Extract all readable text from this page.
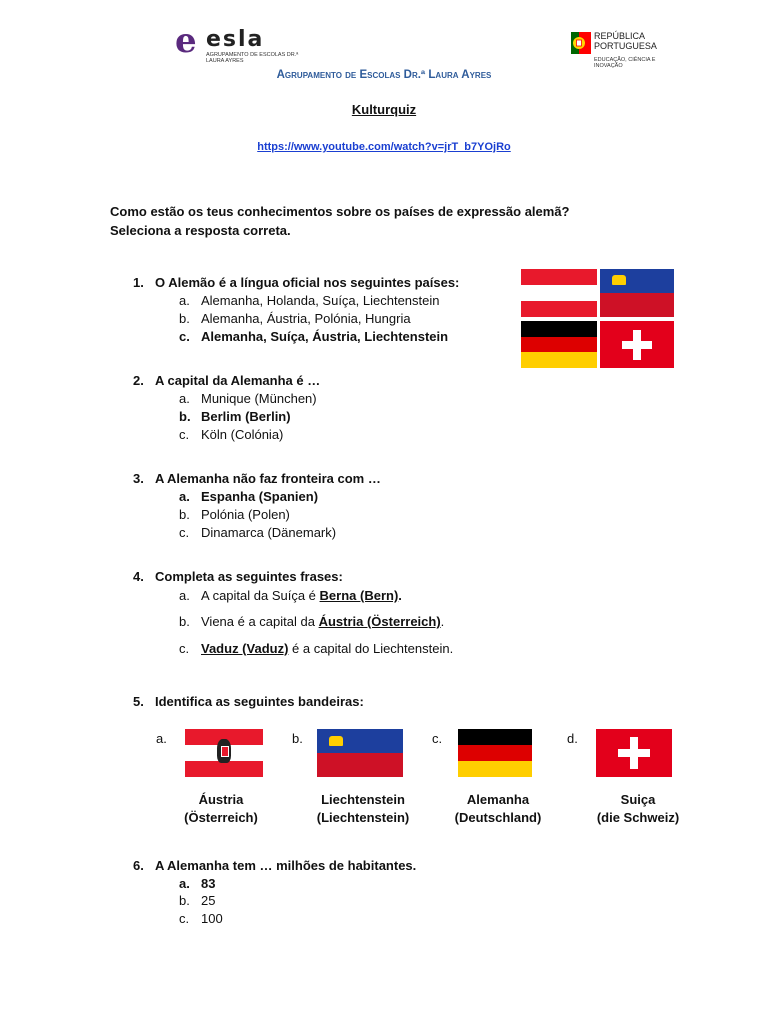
e esla
AGRUPAMENTO DE ESCOLAS DR.ª LAURA AYRES
REPÚBLICA PORTUGUESA
EDUCAÇÃO, CIÊNCIA E INOVAÇÃO
Agrupamento de Escolas Dr.ª Laura Ayres
Kulturquiz
https://www.youtube.com/watch?v=jrT_b7YOjRo
Como estão os teus conhecimentos sobre os países de expressão alemã?
Seleciona a resposta correta.
1. O Alemão é a língua oficial nos seguintes países:
a. Alemanha, Holanda, Suíça, Liechtenstein
b. Alemanha, Áustria, Polónia, Hungria
c. Alemanha, Suíça, Áustria, Liechtenstein
2. A capital da Alemanha é …
a. Munique (München)
b. Berlim (Berlin)
c. Köln (Colónia)
3. A Alemanha não faz fronteira com …
a. Espanha (Spanien)
b. Polónia (Polen)
c. Dinamarca (Dänemark)
4. Completa as seguintes frases:
a. A capital da Suíça é Berna (Bern).
b. Viena é a capital da Áustria (Österreich).
c. Vaduz (Vaduz) é a capital do Liechtenstein.
5. Identifica as seguintes bandeiras:
a.	b.	c.	d.
Áustria
(Österreich)
Liechtenstein
(Liechtenstein)
Alemanha
(Deutschland)
Suiça
(die Schweiz)
6. A Alemanha tem … milhões de habitantes.
a. 83
b. 25
c. 100
